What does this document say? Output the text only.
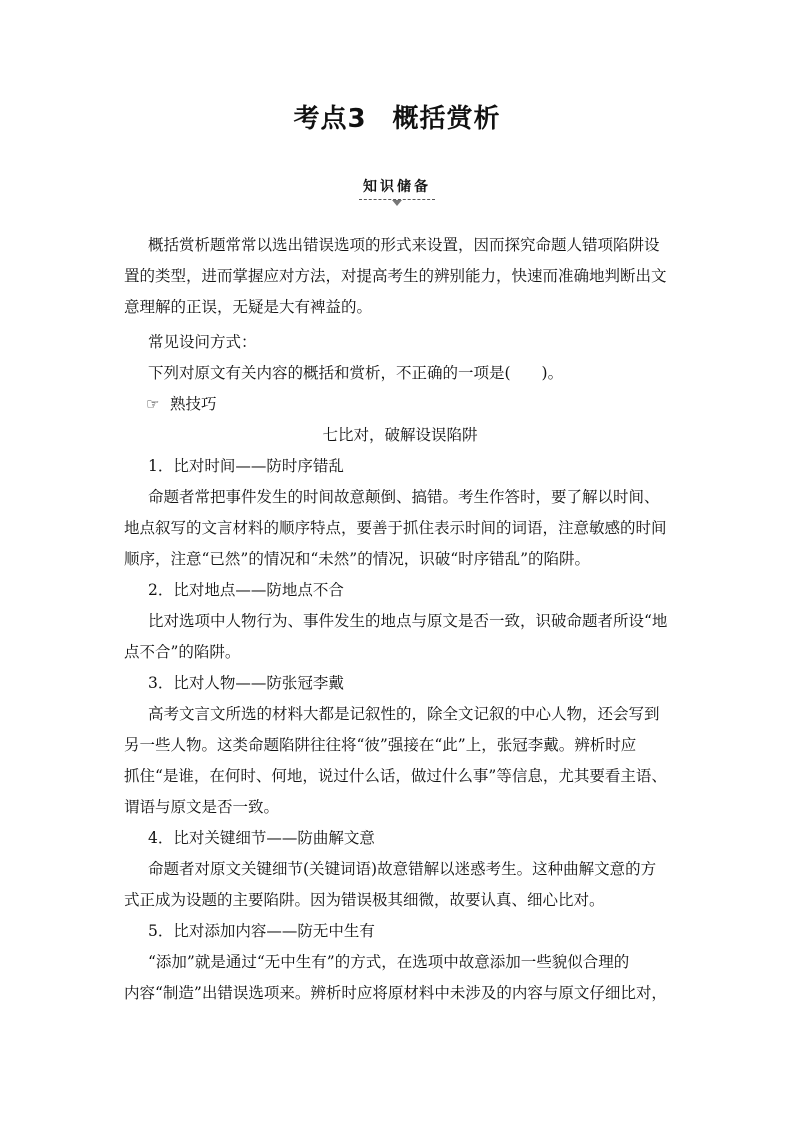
考点3 概括赏析
知识储备
概括赏析题常常以选出错误选项的形式来设置，因而探究命题人错项陷阱设
置的类型，进而掌握应对方法，对提高考生的辨别能力，快速而准确地判断出文
意理解的正误，无疑是大有裨益的。
常见设问方式：
下列对原文有关内容的概括和赏析，不正确的一项是(　　)。
☞ 熟技巧
七比对，破解设误陷阱
1．比对时间——防时序错乱
命题者常把事件发生的时间故意颠倒、搞错。考生作答时，要了解以时间、
地点叙写的文言材料的顺序特点，要善于抓住表示时间的词语，注意敏感的时间
顺序，注意“已然”的情况和“未然”的情况，识破“时序错乱”的陷阱。
2．比对地点——防地点不合
比对选项中人物行为、事件发生的地点与原文是否一致，识破命题者所设“地
点不合”的陷阱。
3．比对人物——防张冠李戴
高考文言文所选的材料大都是记叙性的，除全文记叙的中心人物，还会写到
另一些人物。这类命题陷阱往往将“彼”强接在“此”上，张冠李戴。辨析时应
抓住“是谁，在何时、何地，说过什么话，做过什么事”等信息，尤其要看主语、
谓语与原文是否一致。
4．比对关键细节——防曲解文意
命题者对原文关键细节(关键词语)故意错解以迷惑考生。这种曲解文意的方
式正成为设题的主要陷阱。因为错误极其细微，故要认真、细心比对。
5．比对添加内容——防无中生有
“添加”就是通过“无中生有”的方式，在选项中故意添加一些貌似合理的
内容“制造”出错误选项来。辨析时应将原材料中未涉及的内容与原文仔细比对，
